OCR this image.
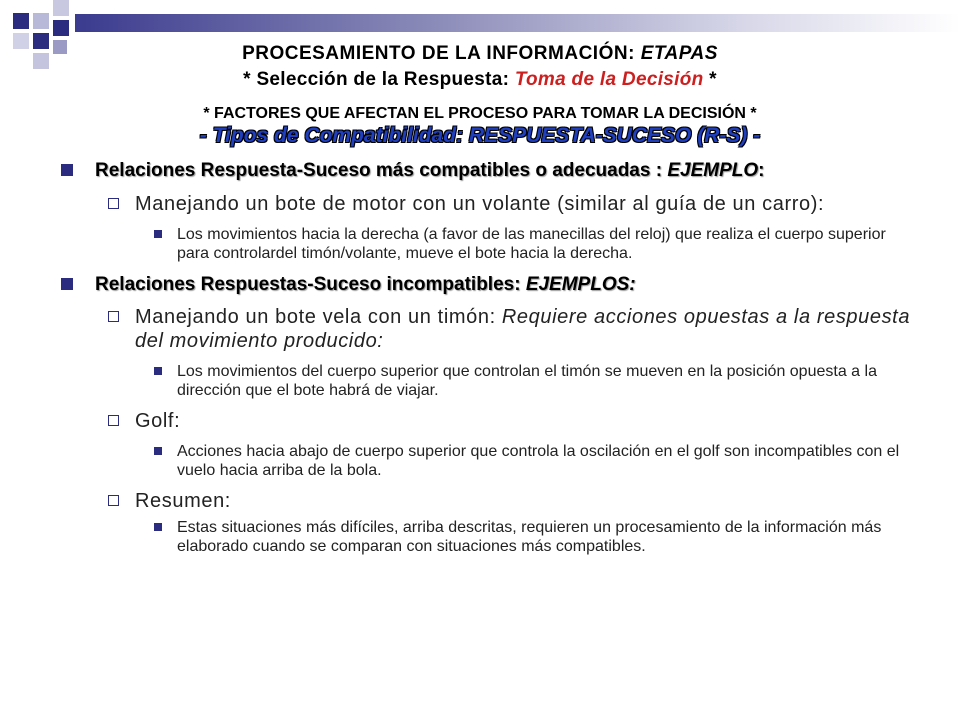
PROCESAMIENTO DE LA INFORMACIÓN: ETAPAS
* Selección de la Respuesta: Toma de la Decisión *
* FACTORES QUE AFECTAN EL PROCESO PARA TOMAR LA DECISIÓN *
- Tipos de Compatibilidad: RESPUESTA-SUCESO (R-S) -
Relaciones Respuesta-Suceso más compatibles o adecuadas : EJEMPLO:
Manejando un bote de motor con un volante (similar al guía de un carro):
Los movimientos hacia la derecha (a favor de las manecillas del reloj) que realiza el cuerpo superior para controlardel timón/volante, mueve el bote hacia la derecha.
Relaciones Respuestas-Suceso incompatibles: EJEMPLOS:
Manejando un bote vela con un timón: Requiere acciones opuestas a la respuesta del movimiento producido:
Los movimientos del cuerpo superior que controlan el timón se mueven en la posición opuesta a la dirección que el bote habrá de viajar.
Golf:
Acciones hacia abajo de cuerpo superior que controla la oscilación en el golf son incompatibles con el vuelo hacia arriba de la bola.
Resumen:
Estas situaciones más difíciles, arriba descritas, requieren un procesamiento de la información más elaborado cuando se comparan con situaciones más compatibles.
